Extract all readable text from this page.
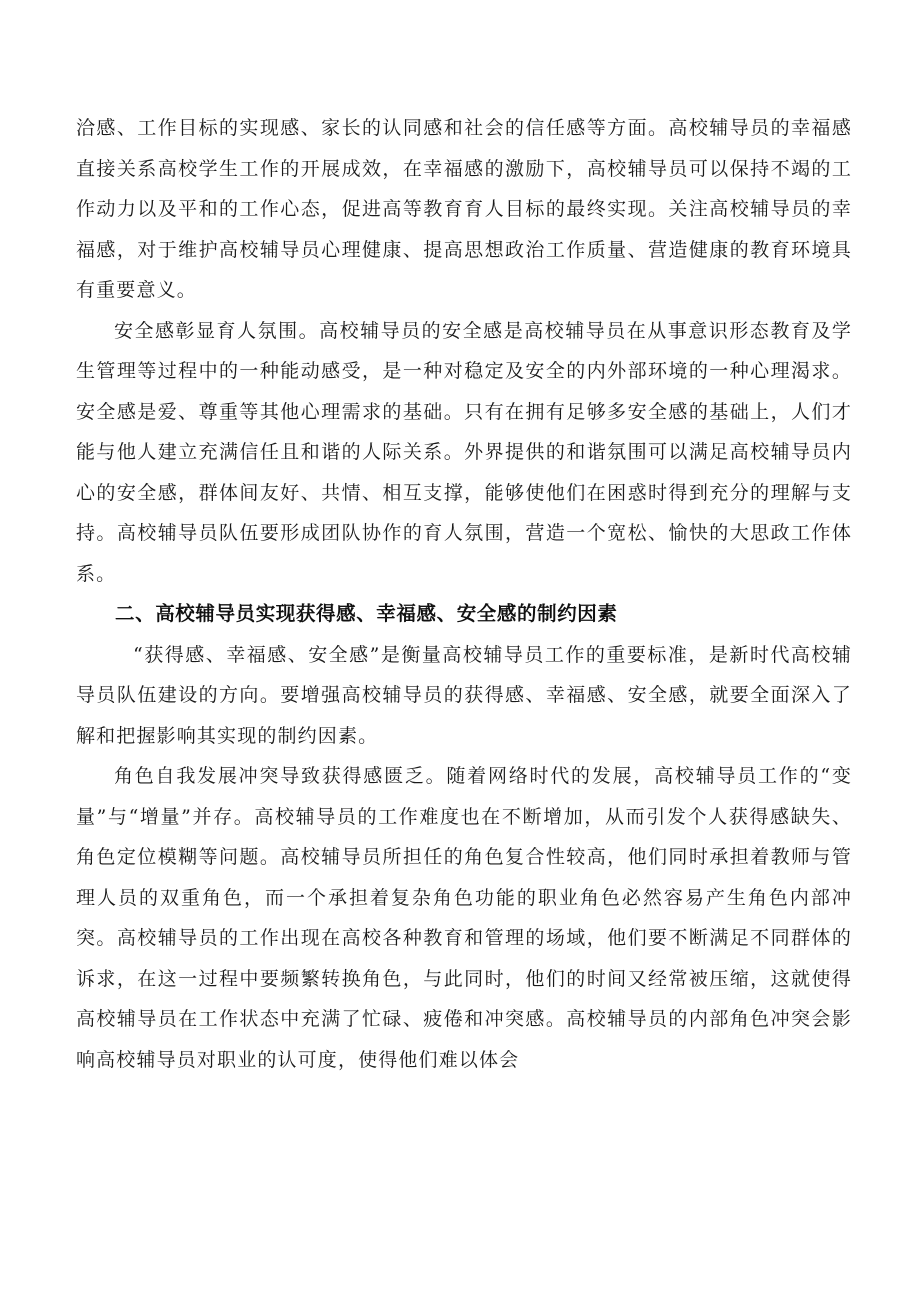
洽感、工作目标的实现感、家长的认同感和社会的信任感等方面。高校辅导员的幸福感直接关系高校学生工作的开展成效，在幸福感的激励下，高校辅导员可以保持不竭的工作动力以及平和的工作心态，促进高等教育育人目标的最终实现。关注高校辅导员的幸福感，对于维护高校辅导员心理健康、提高思想政治工作质量、营造健康的教育环境具有重要意义。

安全感彰显育人氛围。高校辅导员的安全感是高校辅导员在从事意识形态教育及学生管理等过程中的一种能动感受，是一种对稳定及安全的内外部环境的一种心理渴求。安全感是爱、尊重等其他心理需求的基础。只有在拥有足够多安全感的基础上，人们才能与他人建立充满信任且和谐的人际关系。外界提供的和谐氛围可以满足高校辅导员内心的安全感，群体间友好、共情、相互支撑，能够使他们在困惑时得到充分的理解与支持。高校辅导员队伍要形成团队协作的育人氛围，营造一个宽松、愉快的大思政工作体系。

二、高校辅导员实现获得感、幸福感、安全感的制约因素

“获得感、幸福感、安全感”是衡量高校辅导员工作的重要标准，是新时代高校辅导员队伍建设的方向。要增强高校辅导员的获得感、幸福感、安全感，就要全面深入了解和把握影响其实现的制约因素。

角色自我发展冲突导致获得感匮乏。随着网络时代的发展，高校辅导员工作的“变量”与“增量”并存。高校辅导员的工作难度也在不断增加，从而引发个人获得感缺失、角色定位模糊等问题。高校辅导员所担任的角色复合性较高，他们同时承担着教师与管理人员的双重角色，而一个承担着复杂角色功能的职业角色必然容易产生角色内部冲突。高校辅导员的工作出现在高校各种教育和管理的场域，他们要不断满足不同群体的诉求，在这一过程中要频繁转换角色，与此同时，他们的时间又经常被压缩，这就使得高校辅导员在工作状态中充满了忙碌、疲倦和冲突感。高校辅导员的内部角色冲突会影响高校辅导员对职业的认可度，使得他们难以体会
